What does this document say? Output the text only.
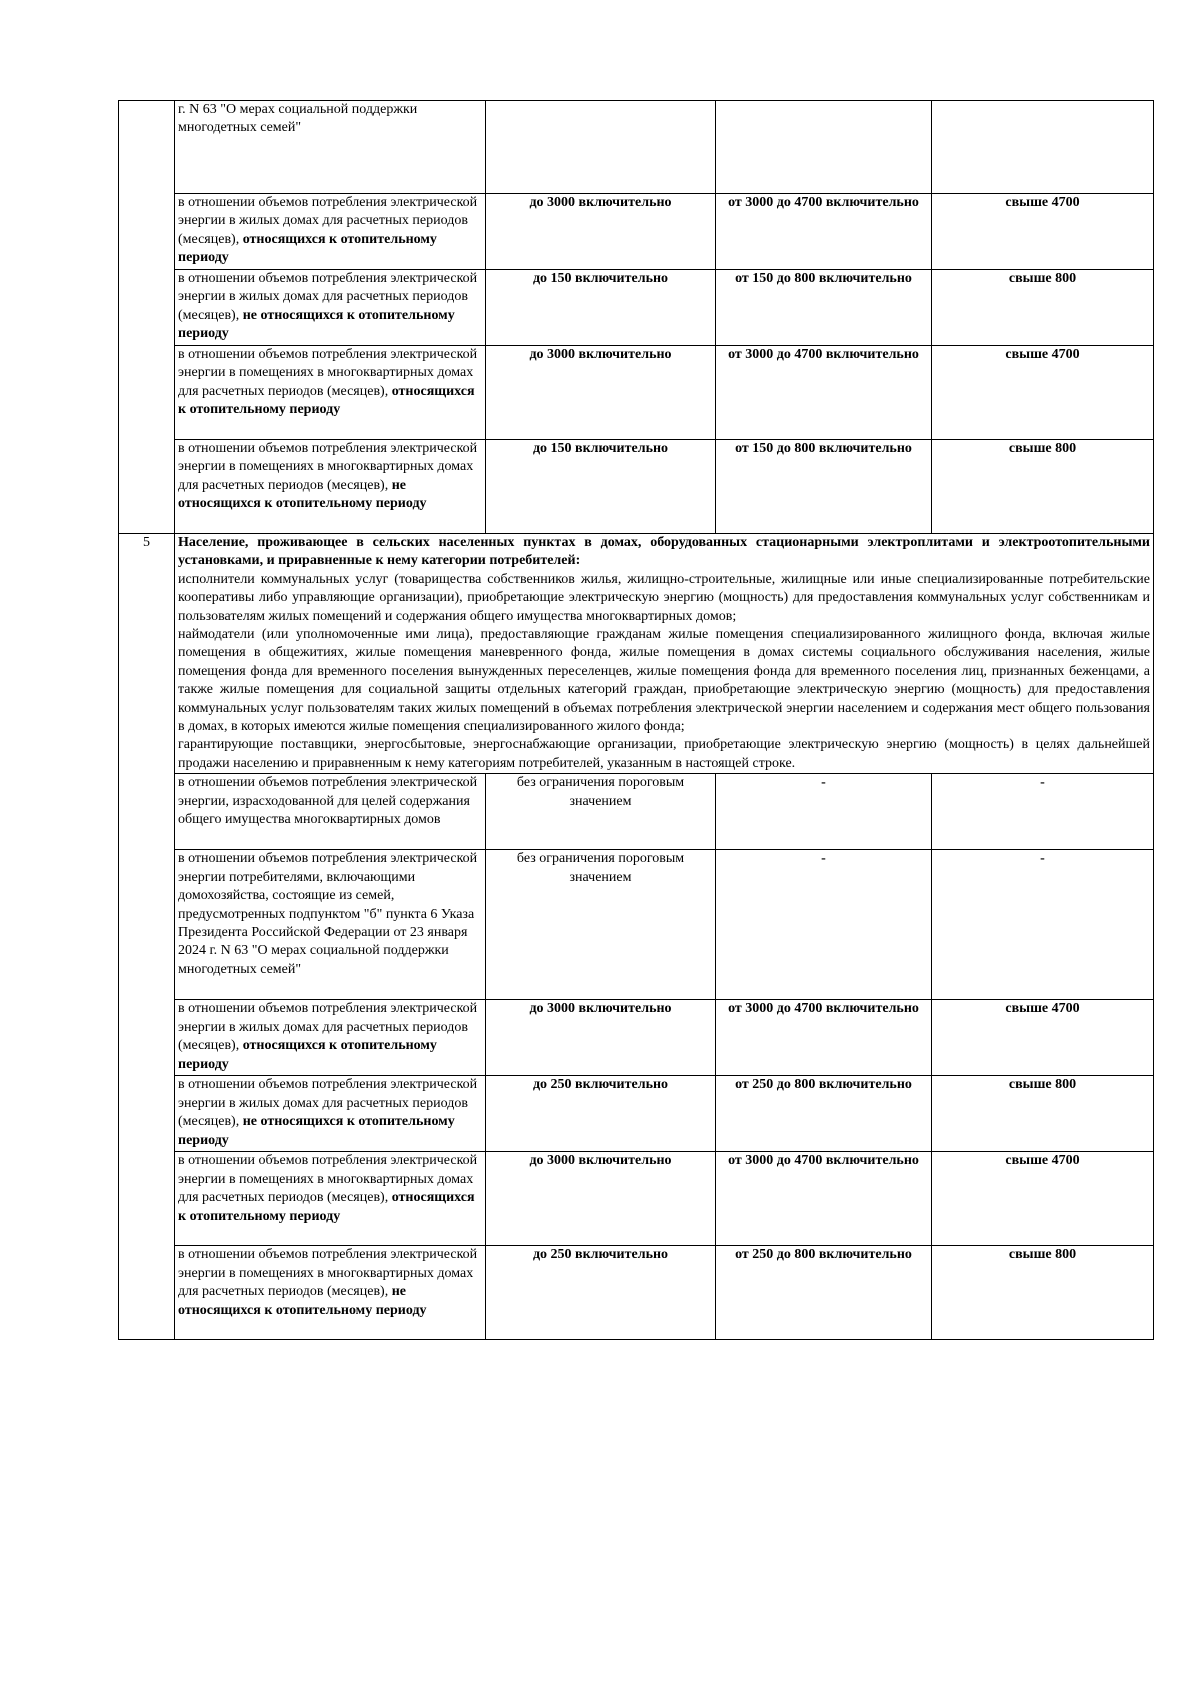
	г. N 63 "О мерах социальной поддержки многодетных семей"			
	в отношении объемов потребления электрической энергии в жилых домах для расчетных периодов (месяцев), относящихся к отопительному периоду	до 3000 включительно	от 3000 до 4700 включительно	свыше 4700
	в отношении объемов потребления электрической энергии в жилых домах для расчетных периодов (месяцев), не относящихся к отопительному периоду	до 150 включительно	от 150 до 800 включительно	свыше 800
	в отношении объемов потребления электрической энергии в помещениях в многоквартирных домах для расчетных периодов (месяцев), относящихся к отопительному периоду	до 3000 включительно	от 3000 до 4700 включительно	свыше 4700
	в отношении объемов потребления электрической энергии в помещениях в многоквартирных домах для расчетных периодов (месяцев), не относящихся к отопительному периоду	до 150 включительно	от 150 до 800 включительно	свыше 800
5	Население, проживающее в сельских населенных пунктах в домах, оборудованных стационарными электроплитами и электроотопительными установками, и приравненные к нему категории потребителей:
исполнители коммунальных услуг (товарищества собственников жилья, жилищно-строительные, жилищные или иные специализированные потребительские кооперативы либо управляющие организации), приобретающие электрическую энергию (мощность) для предоставления коммунальных услуг собственникам и пользователям жилых помещений и содержания общего имущества многоквартирных домов;
наймодатели (или уполномоченные ими лица), предоставляющие гражданам жилые помещения специализированного жилищного фонда, включая жилые помещения в общежитиях, жилые помещения маневренного фонда, жилые помещения в домах системы социального обслуживания населения, жилые помещения фонда для временного поселения вынужденных переселенцев, жилые помещения фонда для временного поселения лиц, признанных беженцами, а также жилые помещения для социальной защиты отдельных категорий граждан, приобретающие электрическую энергию (мощность) для предоставления коммунальных услуг пользователям таких жилых помещений в объемах потребления электрической энергии населением и содержания мест общего пользования в домах, в которых имеются жилые помещения специализированного жилого фонда;
гарантирующие поставщики, энергосбытовые, энергоснабжающие организации, приобретающие электрическую энергию (мощность) в целях дальнейшей продажи населению и приравненным к нему категориям потребителей, указанным в настоящей строке.			

	в отношении объемов потребления электрической энергии, израсходованной для целей содержания общего имущества многоквартирных домов	без ограничения пороговым значением	-	-
	в отношении объемов потребления электрической энергии потребителями, включающими домохозяйства, состоящие из семей, предусмотренных подпунктом "б" пункта 6 Указа Президента Российской Федерации от 23 января 2024 г. N 63 "О мерах социальной поддержки многодетных семей"	без ограничения пороговым значением	-	-
	в отношении объемов потребления электрической энергии в жилых домах для расчетных периодов (месяцев), относящихся к отопительному периоду	до 3000 включительно	от 3000 до 4700 включительно	свыше 4700
	в отношении объемов потребления электрической энергии в жилых домах для расчетных периодов (месяцев), не относящихся к отопительному периоду	до 250 включительно	от 250 до 800 включительно	свыше 800
	в отношении объемов потребления электрической энергии в помещениях в многоквартирных домах для расчетных периодов (месяцев), относящихся к отопительному периоду	до 3000 включительно	от 3000 до 4700 включительно	свыше 4700
	в отношении объемов потребления электрической энергии в помещениях в многоквартирных домах для расчетных периодов (месяцев), не относящихся к отопительному периоду	до 250 включительно	от 250 до 800 включительно	свыше 800
